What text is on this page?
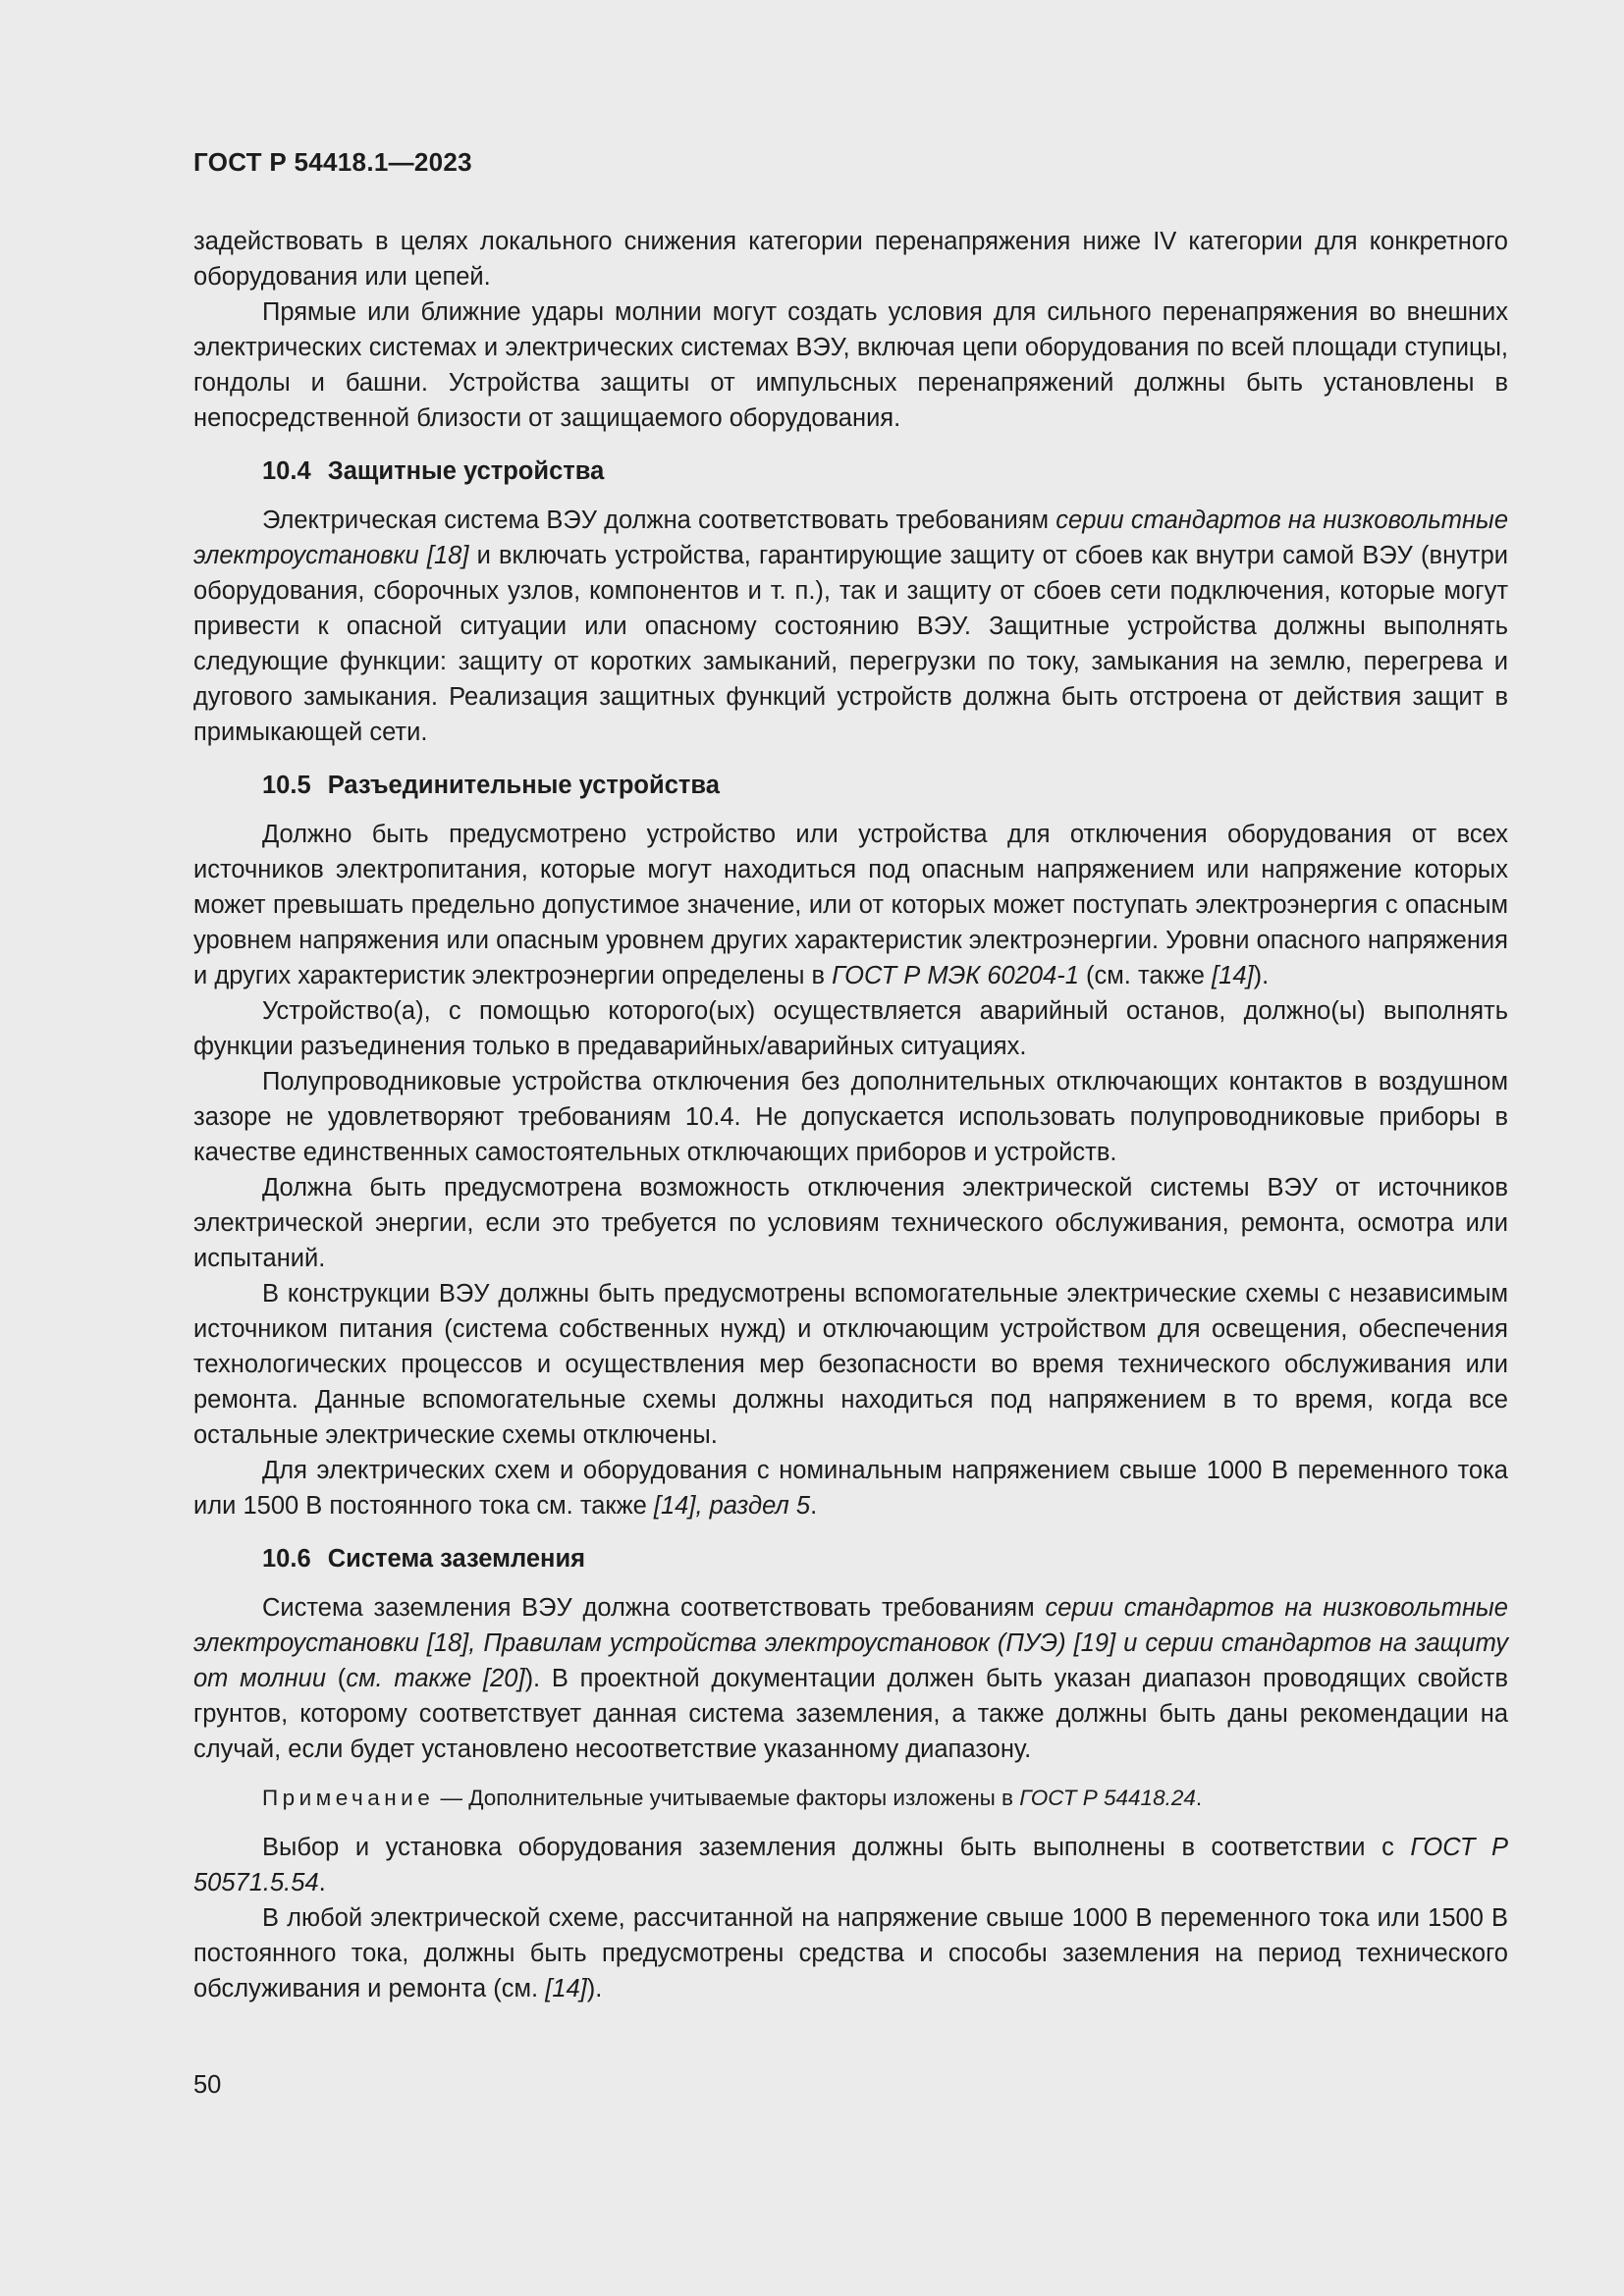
ГОСТ Р 54418.1—2023

задействовать в целях локального снижения категории перенапряжения ниже IV категории для конкретного оборудования или цепей.

Прямые или ближние удары молнии могут создать условия для сильного перенапряжения во внешних электрических системах и электрических системах ВЭУ, включая цепи оборудования по всей площади ступицы, гондолы и башни. Устройства защиты от импульсных перенапряжений должны быть установлены в непосредственной близости от защищаемого оборудования.

10.4 Защитные устройства

Электрическая система ВЭУ должна соответствовать требованиям серии стандартов на низковольтные электроустановки [18] и включать устройства, гарантирующие защиту от сбоев как внутри самой ВЭУ (внутри оборудования, сборочных узлов, компонентов и т. п.), так и защиту от сбоев сети подключения, которые могут привести к опасной ситуации или опасному состоянию ВЭУ. Защитные устройства должны выполнять следующие функции: защиту от коротких замыканий, перегрузки по току, замыкания на землю, перегрева и дугового замыкания. Реализация защитных функций устройств должна быть отстроена от действия защит в примыкающей сети.

10.5 Разъединительные устройства

Должно быть предусмотрено устройство или устройства для отключения оборудования от всех источников электропитания, которые могут находиться под опасным напряжением или напряжение которых может превышать предельно допустимое значение, или от которых может поступать электроэнергия с опасным уровнем напряжения или опасным уровнем других характеристик электроэнергии. Уровни опасного напряжения и других характеристик электроэнергии определены в ГОСТ Р МЭК 60204-1 (см. также [14]).

Устройство(а), с помощью которого(ых) осуществляется аварийный останов, должно(ы) выполнять функции разъединения только в предаварийных/аварийных ситуациях.

Полупроводниковые устройства отключения без дополнительных отключающих контактов в воздушном зазоре не удовлетворяют требованиям 10.4. Не допускается использовать полупроводниковые приборы в качестве единственных самостоятельных отключающих приборов и устройств.

Должна быть предусмотрена возможность отключения электрической системы ВЭУ от источников электрической энергии, если это требуется по условиям технического обслуживания, ремонта, осмотра или испытаний.

В конструкции ВЭУ должны быть предусмотрены вспомогательные электрические схемы с независимым источником питания (система собственных нужд) и отключающим устройством для освещения, обеспечения технологических процессов и осуществления мер безопасности во время технического обслуживания или ремонта. Данные вспомогательные схемы должны находиться под напряжением в то время, когда все остальные электрические схемы отключены.

Для электрических схем и оборудования с номинальным напряжением свыше 1000 В переменного тока или 1500 В постоянного тока см. также [14], раздел 5.

10.6 Система заземления

Система заземления ВЭУ должна соответствовать требованиям серии стандартов на низковольтные электроустановки [18], Правилам устройства электроустановок (ПУЭ) [19] и серии стандартов на защиту от молнии (см. также [20]). В проектной документации должен быть указан диапазон проводящих свойств грунтов, которому соответствует данная система заземления, а также должны быть даны рекомендации на случай, если будет установлено несоответствие указанному диапазону.

Примечание — Дополнительные учитываемые факторы изложены в ГОСТ Р 54418.24.

Выбор и установка оборудования заземления должны быть выполнены в соответствии с ГОСТ Р 50571.5.54.

В любой электрической схеме, рассчитанной на напряжение свыше 1000 В переменного тока или 1500 В постоянного тока, должны быть предусмотрены средства и способы заземления на период технического обслуживания и ремонта (см. [14]).

50
